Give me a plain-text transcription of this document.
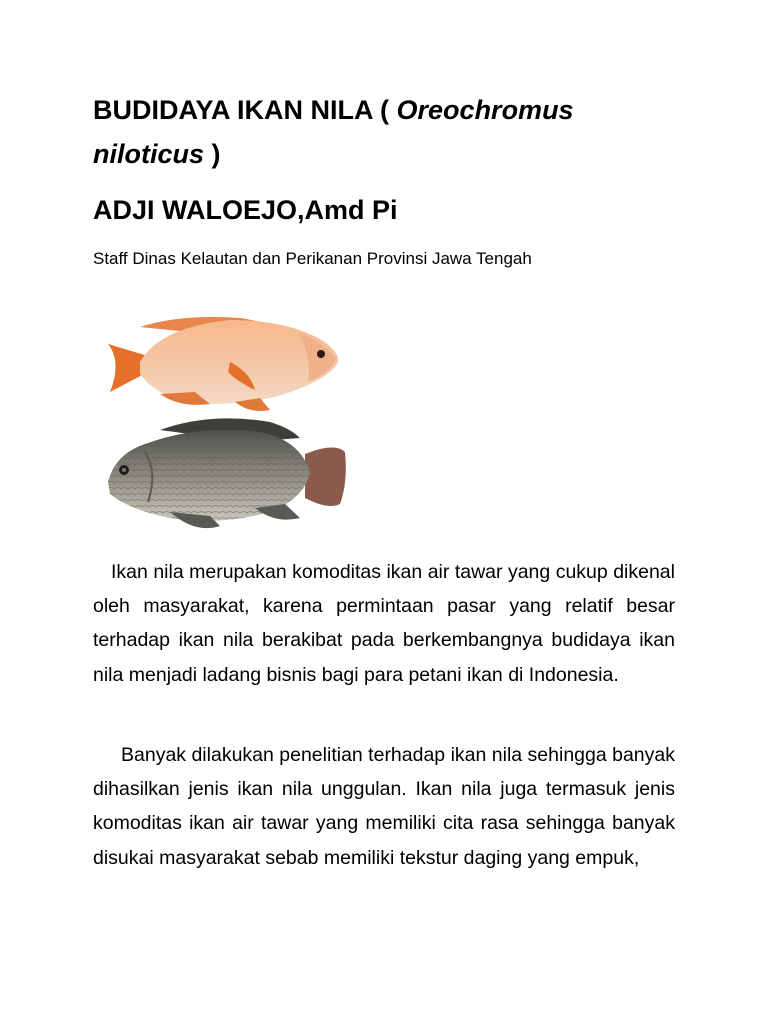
BUDIDAYA IKAN NILA ( Oreochromus niloticus )
ADJI WALOEJO,Amd Pi

Staff Dinas Kelautan dan Perikanan Provinsi Jawa Tengah

Ikan nila merupakan komoditas ikan air tawar yang cukup dikenal oleh masyarakat, karena permintaan pasar yang relatif besar terhadap ikan nila berakibat pada berkembangnya budidaya ikan nila menjadi ladang bisnis bagi para petani ikan di Indonesia.

Banyak dilakukan penelitian terhadap ikan nila sehingga banyak dihasilkan jenis ikan nila unggulan. Ikan nila juga termasuk jenis komoditas ikan air tawar yang memiliki cita rasa sehingga banyak disukai masyarakat sebab memiliki tekstur daging yang empuk,
